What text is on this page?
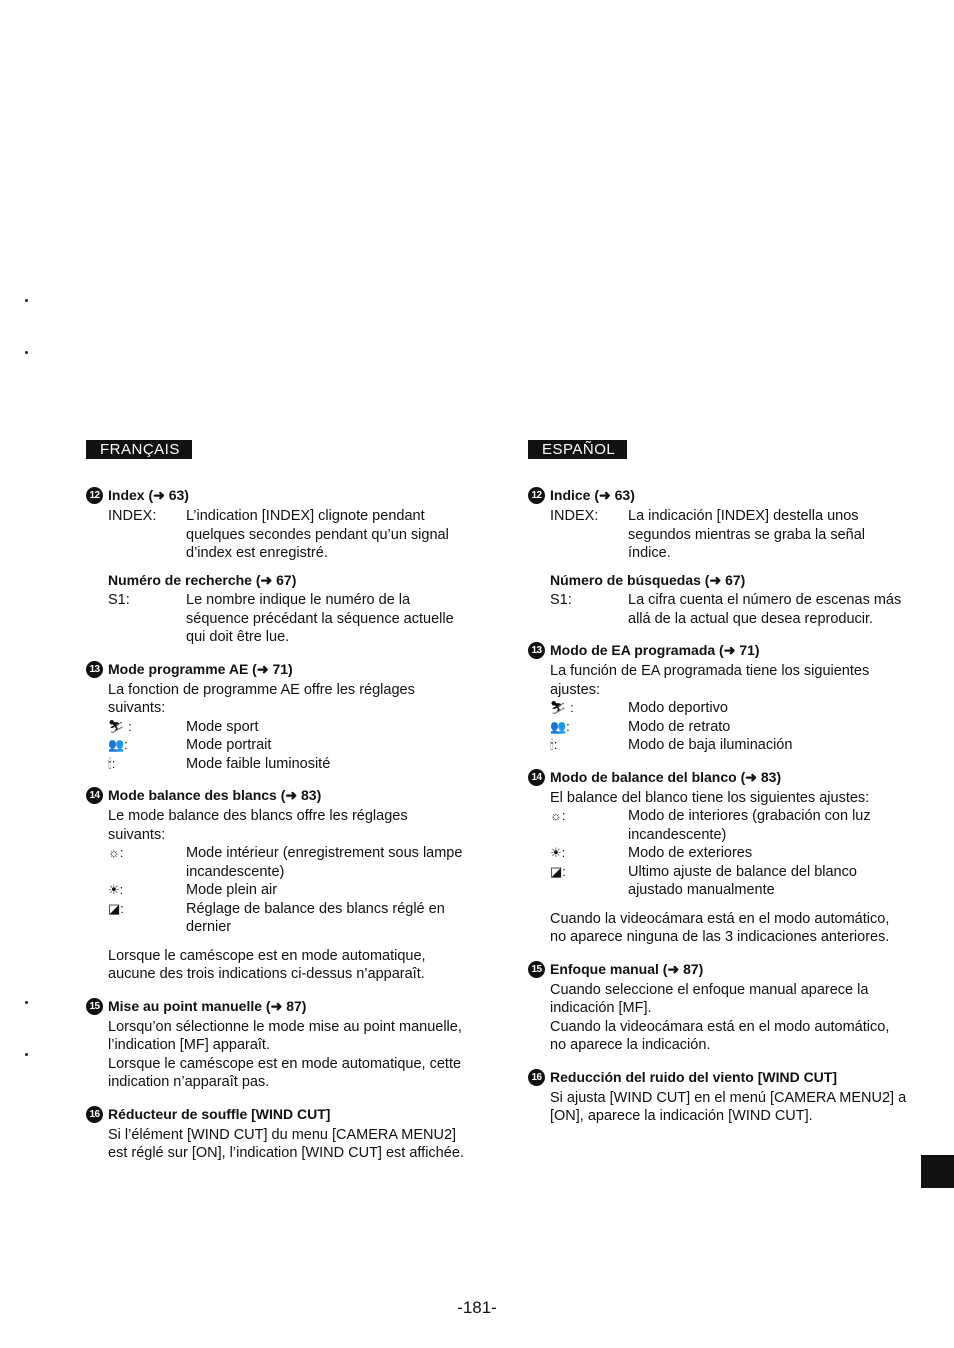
FRANÇAIS
12 Index (➜ 63)
INDEX:	L’indication [INDEX] clignote pendant quelques secondes pendant qu’un signal d’index est enregistré.
Numéro de recherche (➜ 67)
S1:	Le nombre indique le numéro de la séquence précédant la séquence actuelle qui doit être lue.
13 Mode programme AE (➜ 71)
La fonction de programme AE offre les réglages suivants:
⛷ :	Mode sport
👥:	Mode portrait
🕯:	Mode faible luminosité
14 Mode balance des blancs (➜ 83)
Le mode balance des blancs offre les réglages suivants:
☼:	Mode intérieur (enregistrement sous lampe incandescente)
☀:	Mode plein air
◪:	Réglage de balance des blancs réglé en dernier
Lorsque le caméscope est en mode automatique, aucune des trois indications ci-dessus n’apparaît.
15 Mise au point manuelle (➜ 87)
Lorsqu’on sélectionne le mode mise au point manuelle, l’indication [MF] apparaît.
Lorsque le caméscope est en mode automatique, cette indication n’apparaît pas.
16 Réducteur de souffle [WIND CUT]
Si l’élément [WIND CUT] du menu [CAMERA MENU2] est réglé sur [ON], l’indication [WIND CUT] est affichée.
ESPAÑOL
12 Indice (➜ 63)
INDEX:	La indicación [INDEX] destella unos segundos mientras se graba la señal índice.
Número de búsquedas (➜ 67)
S1:	La cifra cuenta el número de escenas más allá de la actual que desea reproducir.
13 Modo de EA programada (➜ 71)
La función de EA programada tiene los siguientes ajustes:
⛷ :	Modo deportivo
👥:	Modo de retrato
🕯:	Modo de baja iluminación
14 Modo de balance del blanco (➜ 83)
El balance del blanco tiene los siguientes ajustes:
☼:	Modo de interiores (grabación con luz incandescente)
☀:	Modo de exteriores
◪:	Ultimo ajuste de balance del blanco ajustado manualmente
Cuando la videocámara está en el modo automático, no aparece ninguna de las 3 indicaciones anteriores.
15 Enfoque manual (➜ 87)
Cuando seleccione el enfoque manual aparece la indicación [MF].
Cuando la videocámara está en el modo automático, no aparece la indicación.
16 Reducción del ruido del viento [WIND CUT]
Si ajusta [WIND CUT] en el menú [CAMERA MENU2] a [ON], aparece la indicación [WIND CUT].
-181-
